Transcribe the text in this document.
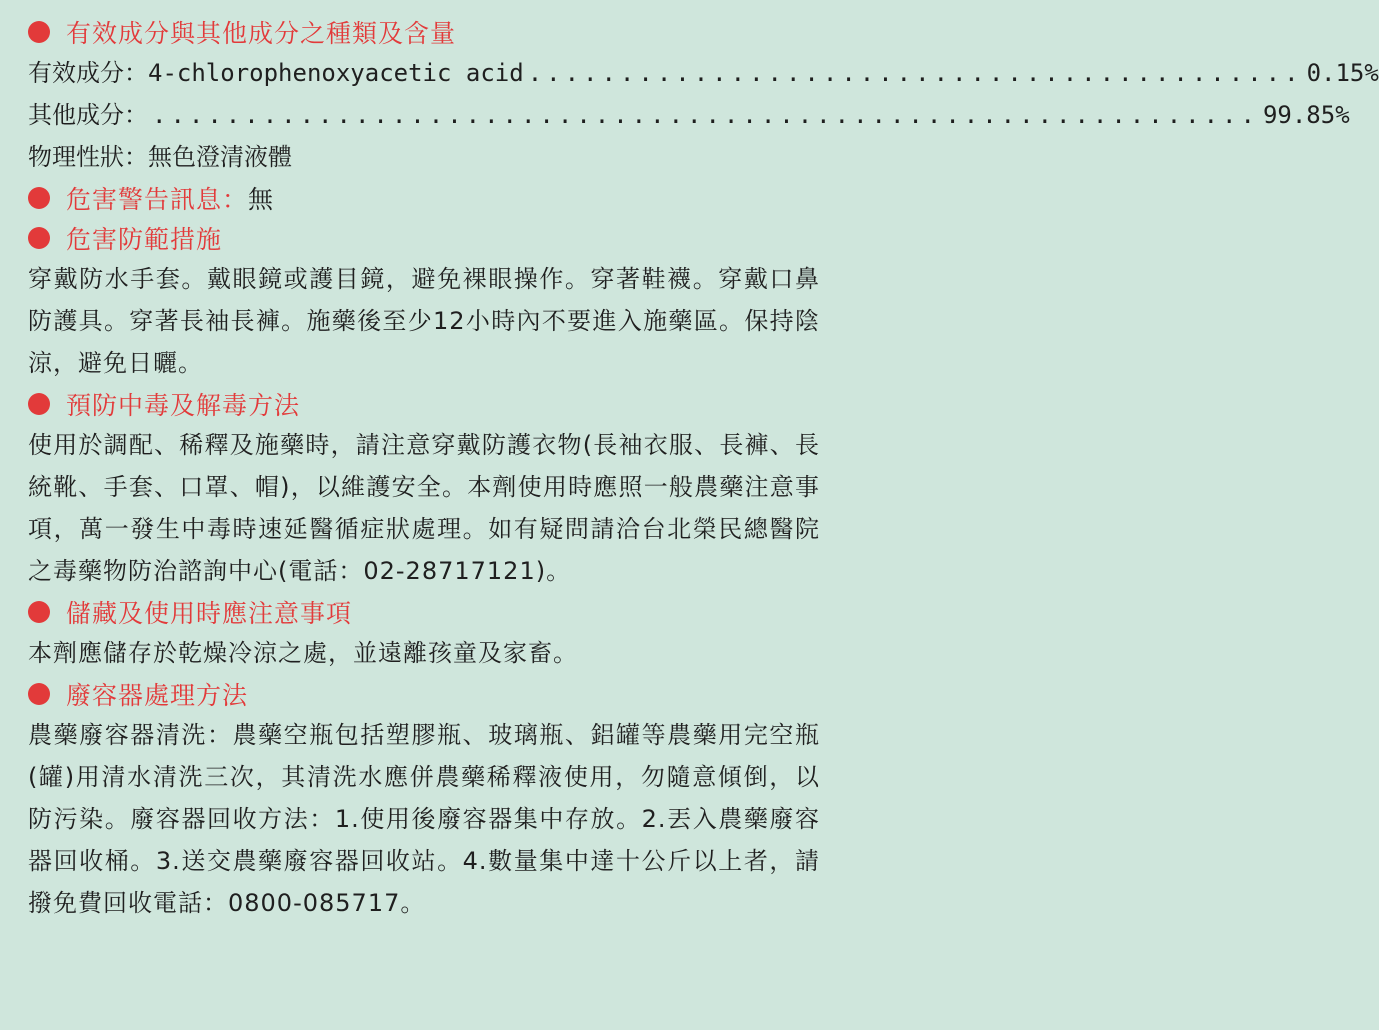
有效成分與其他成分之種類及含量
有效成分： 4-chlorophenoxyacetic acid .......................................... 0.15%
其他成分： ............................................................ 99.85%
物理性狀：無色澄清液體
危害警告訊息： 無
危害防範措施
穿戴防水手套。戴眼鏡或護目鏡，避免裸眼操作。穿著鞋襪。穿戴口鼻防護具。穿著長袖長褲。施藥後至少12小時內不要進入施藥區。保持陰涼，避免日曬。
預防中毒及解毒方法
使用於調配、稀釋及施藥時，請注意穿戴防護衣物(長袖衣服、長褲、長統靴、手套、口罩、帽)，以維護安全。本劑使用時應照一般農藥注意事項，萬一發生中毒時速延醫循症狀處理。如有疑問請洽台北榮民總醫院之毒藥物防治諮詢中心(電話：02-28717121)。
儲藏及使用時應注意事項
本劑應儲存於乾燥冷涼之處，並遠離孩童及家畜。
廢容器處理方法
農藥廢容器清洗：農藥空瓶包括塑膠瓶、玻璃瓶、鋁罐等農藥用完空瓶(罐)用清水清洗三次，其清洗水應併農藥稀釋液使用，勿隨意傾倒，以防污染。廢容器回收方法：1.使用後廢容器集中存放。2.丟入農藥廢容器回收桶。3.送交農藥廢容器回收站。4.數量集中達十公斤以上者，請撥免費回收電話：0800-085717。
